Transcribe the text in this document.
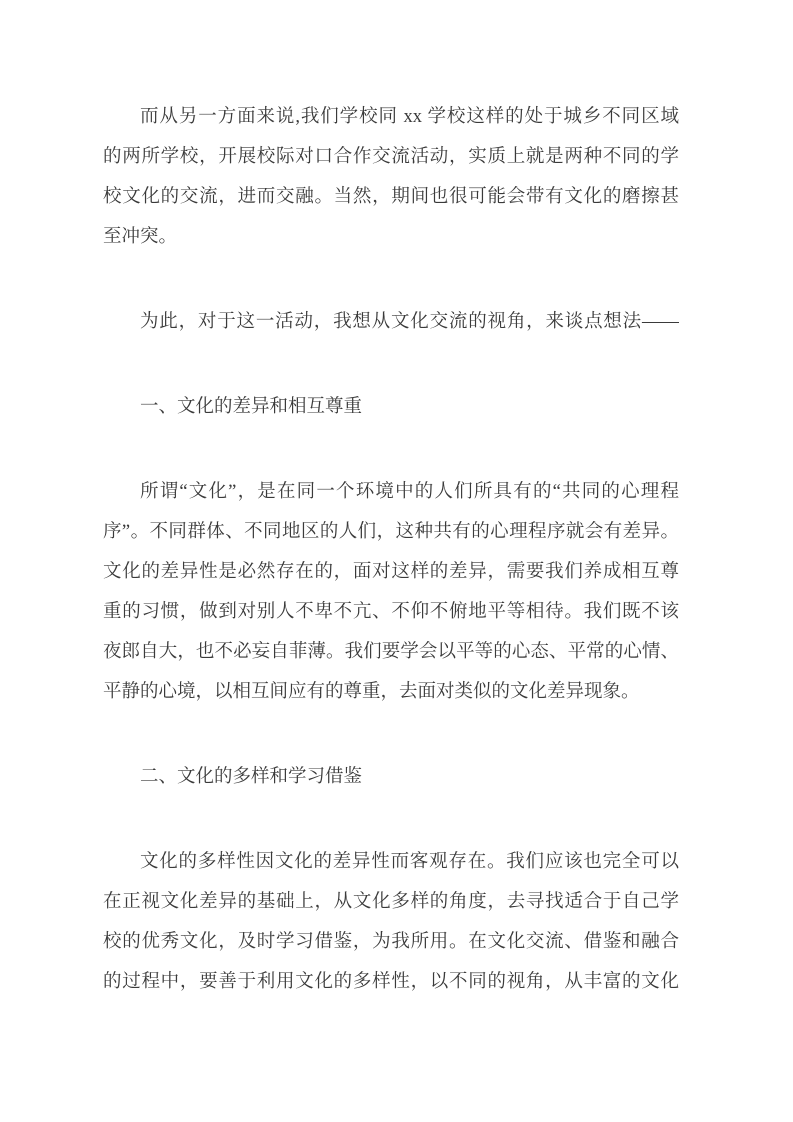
而从另一方面来说,我们学校同 xx 学校这样的处于城乡不同区域
的两所学校，开展校际对口合作交流活动，实质上就是两种不同的学
校文化的交流，进而交融。当然，期间也很可能会带有文化的磨擦甚
至冲突。
为此，对于这一活动，我想从文化交流的视角，来谈点想法——
一、文化的差异和相互尊重
所谓“文化”，是在同一个环境中的人们所具有的“共同的心理程
序”。不同群体、不同地区的人们，这种共有的心理程序就会有差异。
文化的差异性是必然存在的，面对这样的差异，需要我们养成相互尊
重的习惯，做到对别人不卑不亢、不仰不俯地平等相待。我们既不该
夜郎自大，也不必妄自菲薄。我们要学会以平等的心态、平常的心情、
平静的心境，以相互间应有的尊重，去面对类似的文化差异现象。
二、文化的多样和学习借鉴
文化的多样性因文化的差异性而客观存在。我们应该也完全可以
在正视文化差异的基础上，从文化多样的角度，去寻找适合于自己学
校的优秀文化，及时学习借鉴，为我所用。在文化交流、借鉴和融合
的过程中，要善于利用文化的多样性，以不同的视角，从丰富的文化
